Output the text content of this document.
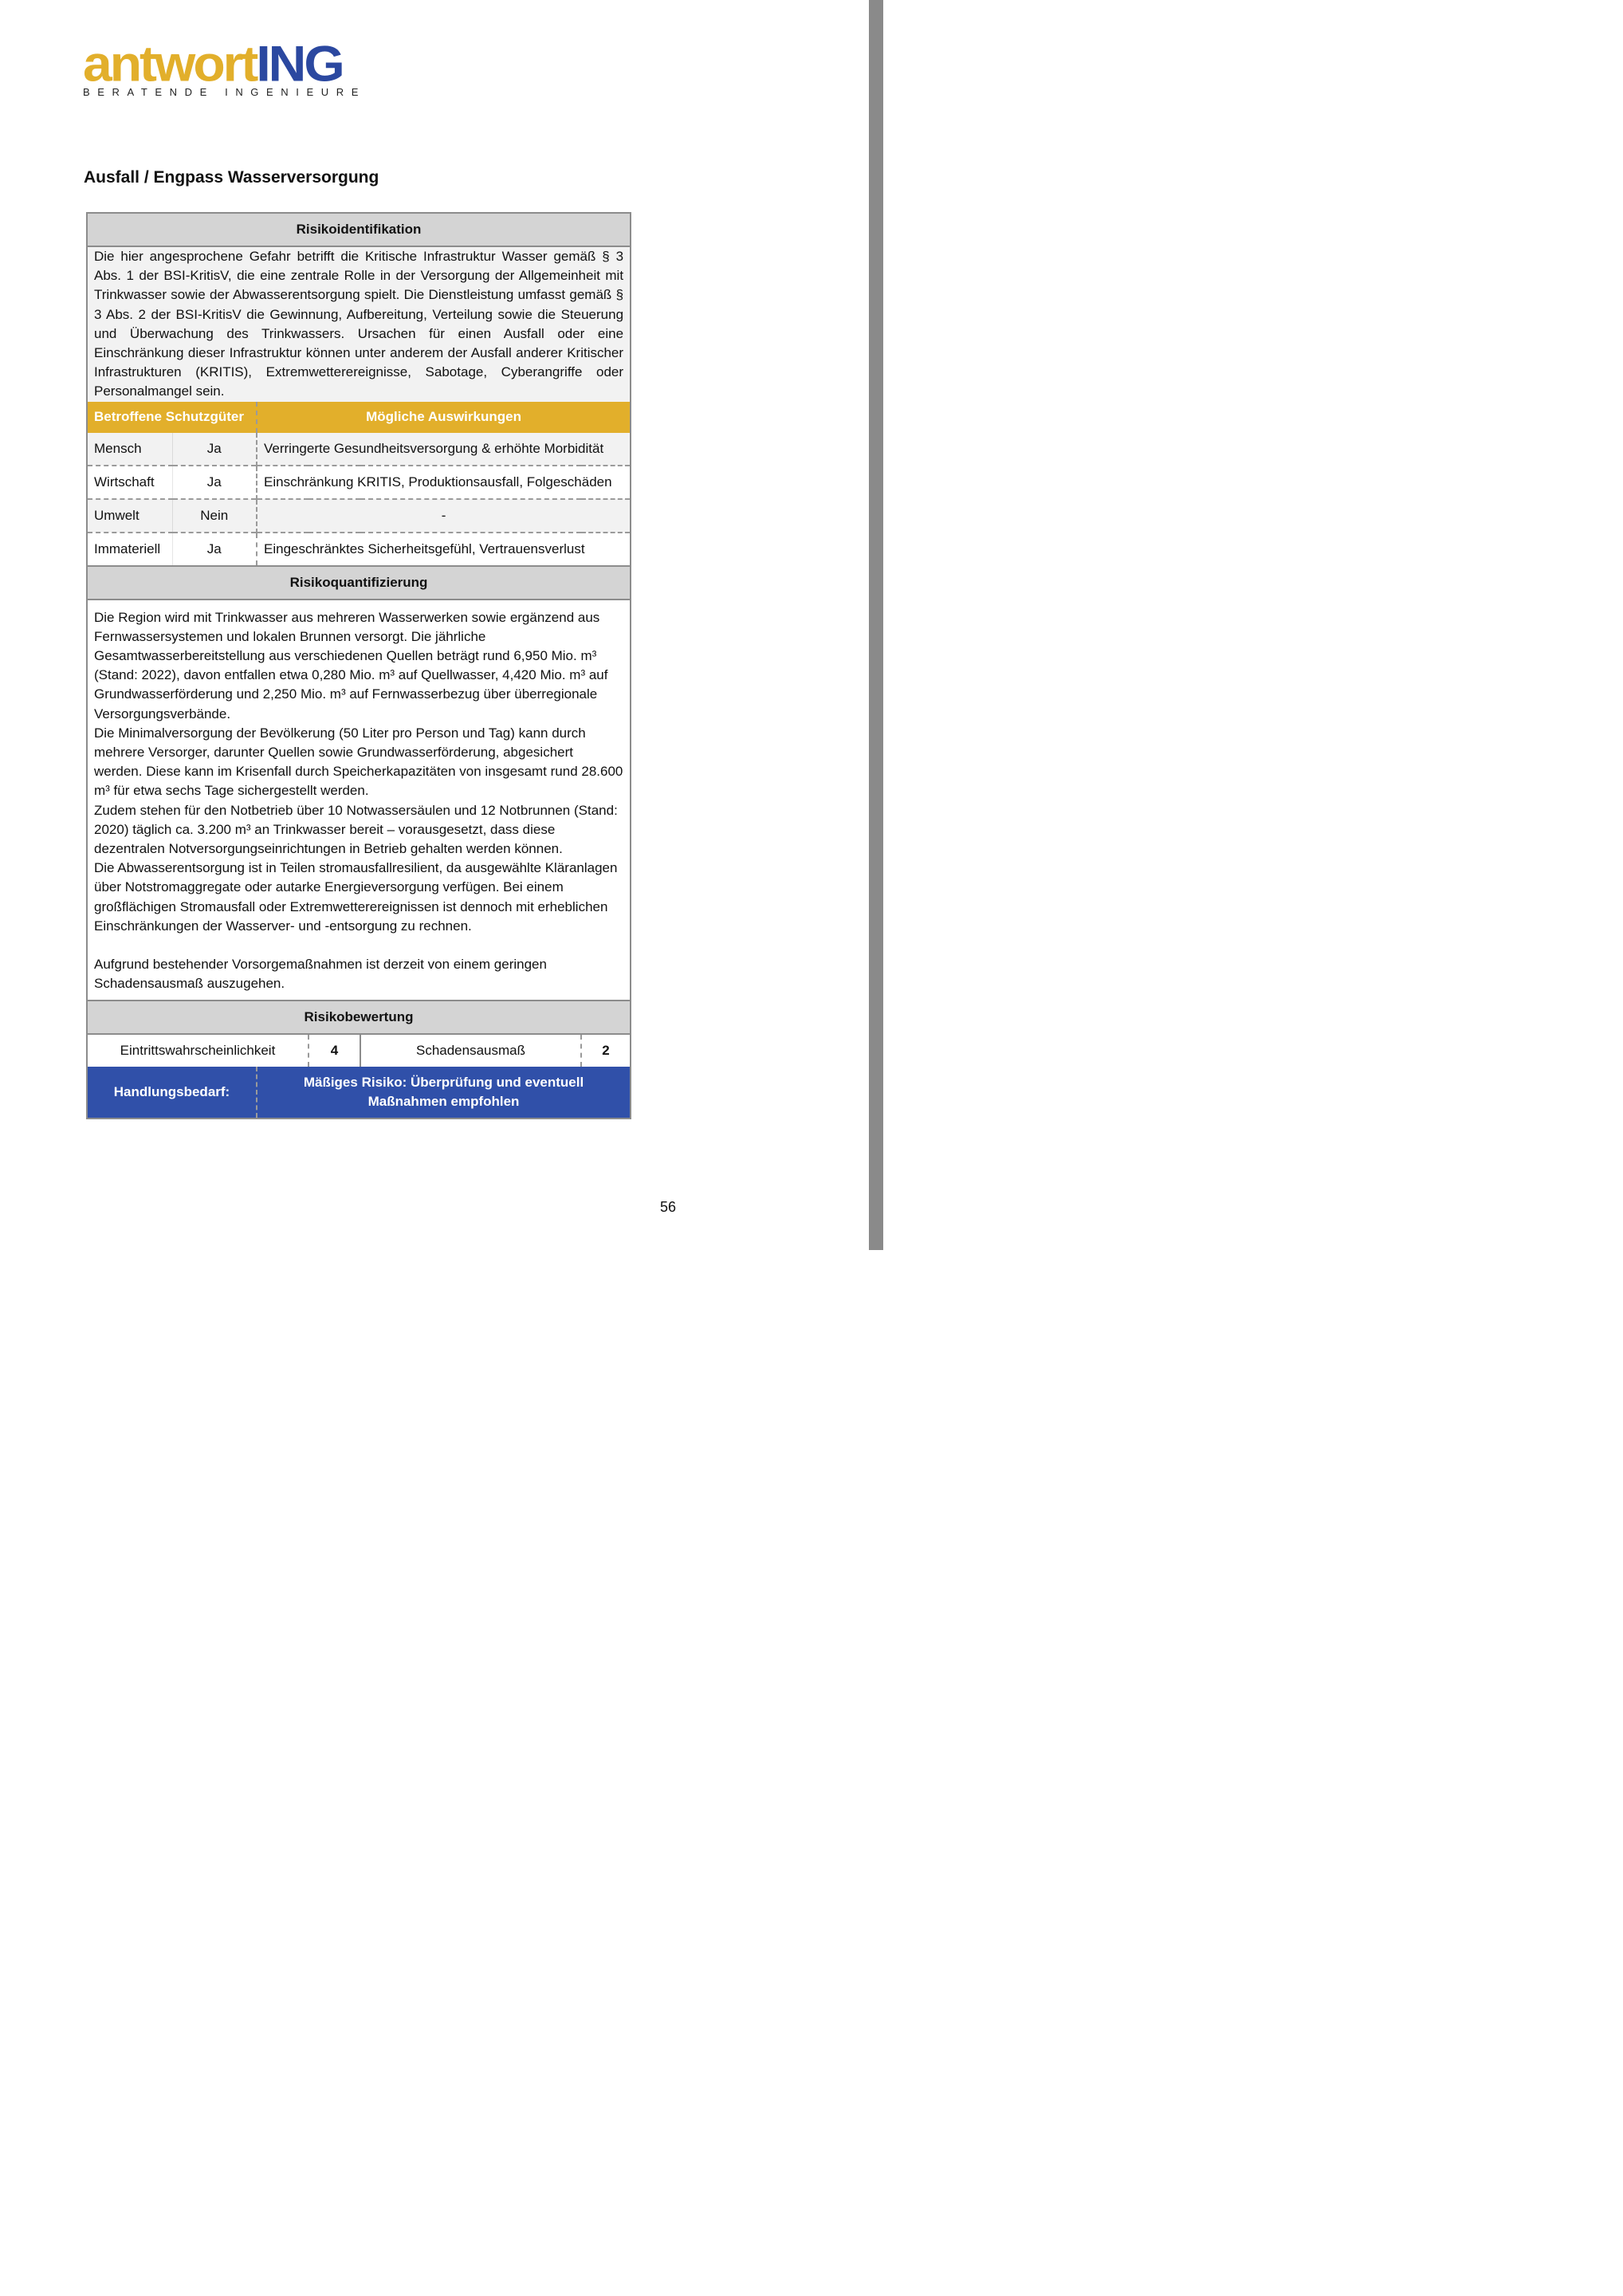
antwortING
BERATENDE INGENIEURE
Ausfall / Engpass Wasserversorgung
Risikoidentifikation					
Die hier angesprochene Gefahr betrifft die Kritische Infrastruktur Wasser gemäß § 3 Abs. 1 der BSI-KritisV, die eine zentrale Rolle in der Versorgung der Allgemeinheit mit Trinkwasser sowie der Abwasserentsorgung spielt. Die Dienstleistung umfasst gemäß § 3 Abs. 2 der BSI-KritisV die Gewinnung, Aufbereitung, Verteilung sowie die Steuerung und Überwachung des Trinkwassers. Ursachen für einen Ausfall oder eine Einschränkung dieser Infrastruktur können unter anderem der Ausfall anderer Kritischer Infrastrukturen (KRITIS), Extremwetterereignisse, Sabotage, Cyberangriffe oder Personalmangel sein.					
Betroffene Schutzgüter		Mögliche Auswirkungen			
Mensch	Ja	Verringerte Gesundheitsversorgung & erhöhte Morbidität			
Wirtschaft	Ja	Einschränkung KRITIS, Produktionsausfall, Folgeschäden			
Umwelt	Nein	-			
Immateriell	Ja	Eingeschränktes Sicherheitsgefühl, Vertrauensverlust			
Risikoquantifizierung					

Die Region wird mit Trinkwasser aus mehreren Wasserwerken sowie ergänzend aus Fernwassersystemen und lokalen Brunnen versorgt. Die jährliche Gesamtwasserbereitstellung aus verschiedenen Quellen beträgt rund 6,950 Mio. m³ (Stand: 2022), davon entfallen etwa 0,280 Mio. m³ auf Quellwasser, 4,420 Mio. m³ auf Grundwasserförderung und 2,250 Mio. m³ auf Fernwasserbezug über überregionale Versorgungsverbände.
Die Minimalversorgung der Bevölkerung (50 Liter pro Person und Tag) kann durch mehrere Versorger, darunter Quellen sowie Grundwasserförderung, abgesichert werden. Diese kann im Krisenfall durch Speicherkapazitäten von insgesamt rund 28.600 m³ für etwa sechs Tage sichergestellt werden.
Zudem stehen für den Notbetrieb über 10 Notwassersäulen und 12 Notbrunnen (Stand: 2020) täglich ca. 3.200 m³ an Trinkwasser bereit – vorausgesetzt, dass diese dezentralen Notversorgungseinrichtungen in Betrieb gehalten werden können.
Die Abwasserentsorgung ist in Teilen stromausfallresilient, da ausgewählte Kläranlagen über Notstromaggregate oder autarke Energieversorgung verfügen. Bei einem großflächigen Stromausfall oder Extremwetterereignissen ist dennoch mit erheblichen Einschränkungen der Wasserver- und -entsorgung zu rechnen.
Aufgrund bestehender Vorsorgemaßnahmen ist derzeit von einem geringen Schadensausmaß auszugehen.					

Risikobewertung					
Eintrittswahrscheinlichkeit			4	Schadensausmaß	2
Handlungsbedarf:		Mäßiges Risiko: Überprüfung und eventuell
Maßnahmen empfohlen			
56
